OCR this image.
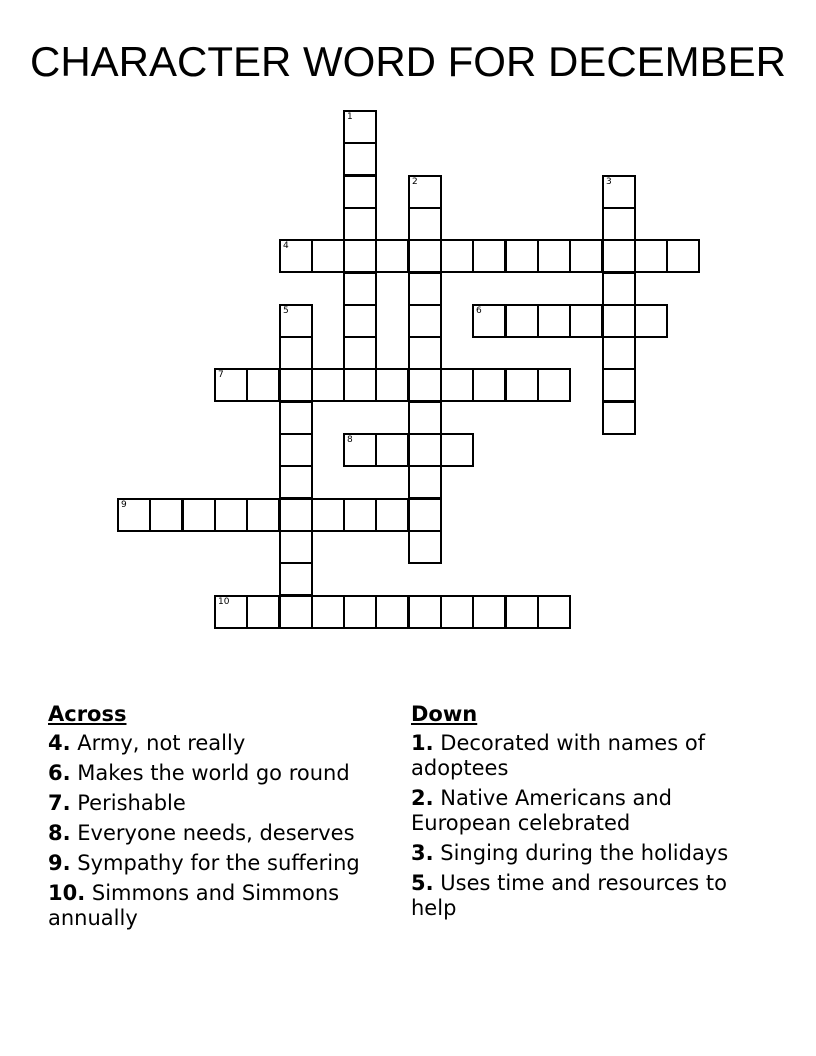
CHARACTER WORD FOR DECEMBER
4
6
7
8
9
10
1
2	3
5
Across
4. Army, not really
6. Makes the world go round
7. Perishable
8. Everyone needs, deserves
9. Sympathy for the suffering
10. Simmons and Simmons annually
Down
1. Decorated with names of adoptees
2. Native Americans and European celebrated
3. Singing during the holidays
5. Uses time and resources to help
